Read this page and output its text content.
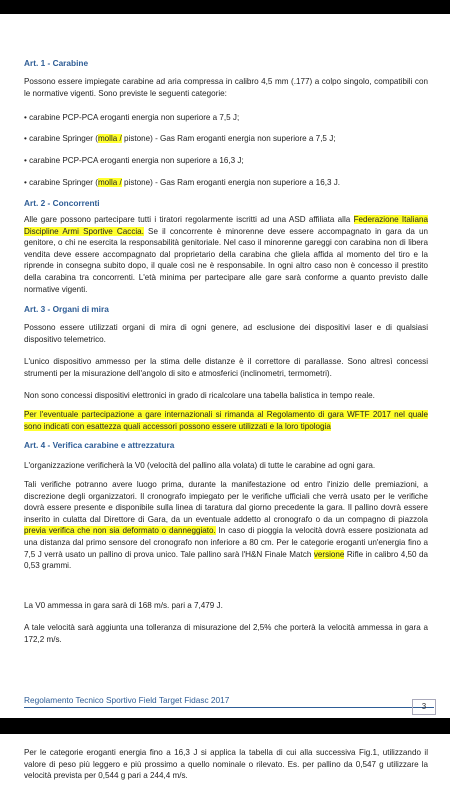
Art. 1 - Carabine
Possono essere impiegate carabine ad aria compressa in calibro 4,5 mm (.177) a colpo singolo, compatibili con le normative vigenti. Sono previste le seguenti categorie:
• carabine PCP-PCA eroganti energia non superiore a 7,5 J;
• carabine Springer (molla / pistone) - Gas Ram eroganti energia non superiore a 7,5 J;
• carabine PCP-PCA eroganti energia non superiore a 16,3 J;
• carabine Springer (molla / pistone) - Gas Ram eroganti energia non superiore a 16,3 J.
Art. 2 - Concorrenti
Alle gare possono partecipare tutti i tiratori regolarmente iscritti ad una ASD affiliata alla Federazione Italiana Discipline Armi Sportive Caccia. Se il concorrente è minorenne deve essere accompagnato in gara da un genitore, o chi ne esercita la responsabilità genitoriale. Nel caso il minorenne gareggi con carabina non di libera vendita deve essere accompagnato dal proprietario della carabina che gliela affida al momento del tiro e la riprende in consegna subito dopo, il quale così ne è responsabile. In ogni altro caso non è concesso il prestito della carabina tra concorrenti. L'età minima per partecipare alle gare sarà conforme a quanto previsto dalle normative vigenti.
Art. 3 - Organi di mira
Possono essere utilizzati organi di mira di ogni genere, ad esclusione dei dispositivi laser e di qualsiasi dispositivo telemetrico.
L'unico dispositivo ammesso per la stima delle distanze è il correttore di parallasse. Sono altresì concessi strumenti per la misurazione dell'angolo di sito e atmosferici (inclinometri, termometri).
Non sono concessi dispositivi elettronici in grado di ricalcolare una tabella balistica in tempo reale.
Per l'eventuale partecipazione a gare internazionali si rimanda al Regolamento di gara WFTF 2017 nel quale sono indicati con esattezza quali accessori possono essere utilizzati e la loro tipologia
Art. 4 - Verifica carabine e attrezzatura
L'organizzazione verificherà la V0 (velocità del pallino alla volata) di tutte le carabine ad ogni gara.
Tali verifiche potranno avere luogo prima, durante la manifestazione od entro l'inizio delle premiazioni, a discrezione degli organizzatori. Il cronografo impiegato per le verifiche ufficiali che verrà usato per le verifiche dovrà essere presente e disponibile sulla linea di taratura dal giorno precedente la gara. Il pallino dovrà essere inserito in culatta dal Direttore di Gara, da un eventuale addetto al cronografo o da un compagno di piazzola previa verifica che non sia deformato o danneggiato. In caso di pioggia la velocità dovrà essere posizionata ad una distanza dal primo sensore del cronografo non inferiore a 80 cm. Per le categorie eroganti un'energia fino a 7,5 J verrà usato un pallino di prova unico. Tale pallino sarà l'H&N Finale Match versione Rifle in calibro 4,50 da 0,53 grammi.
La V0 ammessa in gara sarà di 168 m/s. pari a 7,479 J.
A tale velocità sarà aggiunta una tolleranza di misurazione del 2,5% che porterà la velocità ammessa in gara a 172,2 m/s.
Regolamento Tecnico Sportivo Field Target Fidasc 2017
3
Per le categorie eroganti energia fino a 16,3 J si applica la tabella di cui alla successiva Fig.1, utilizzando il valore di peso più leggero e più prossimo a quello nominale o rilevato. Es. per pallino da 0,547 g utilizzare la velocità prevista per 0,544 g pari a 244,4 m/s.
